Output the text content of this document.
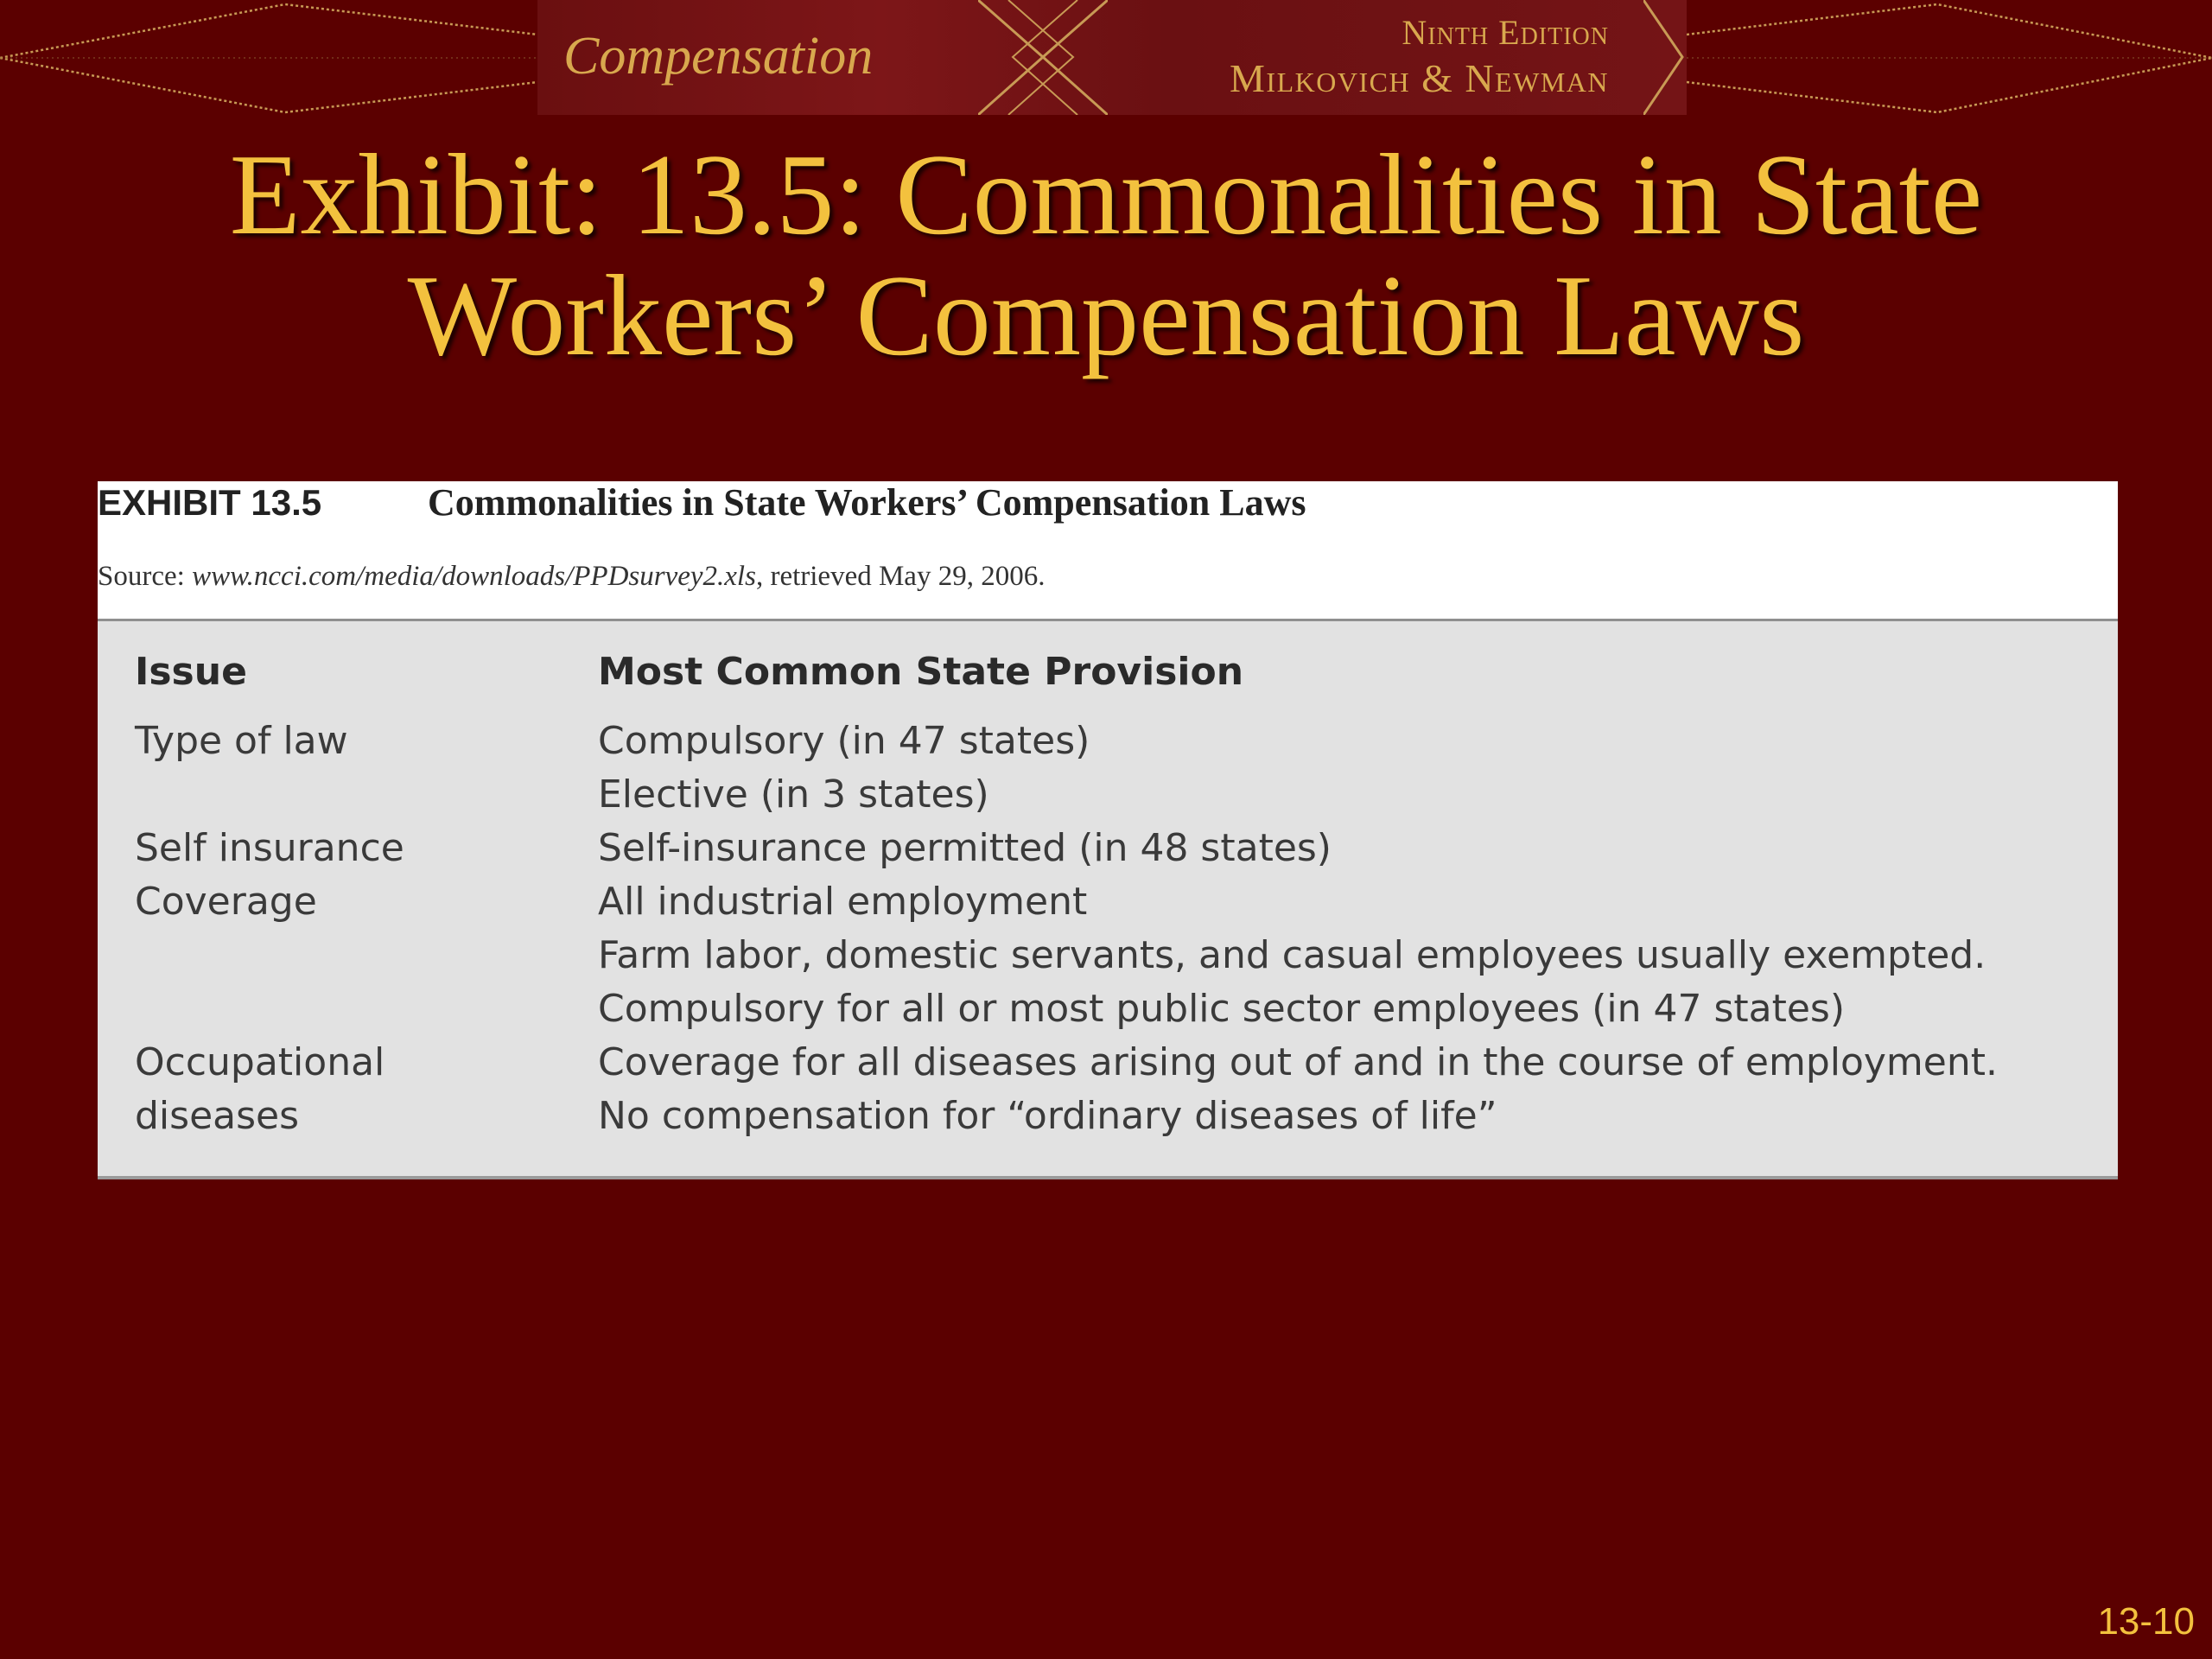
Compensation	Ninth Edition
Milkovich & Newman
Exhibit: 13.5: Commonalities in State
Workers’ Compensation Laws
EXHIBIT 13.5	Commonalities in State Workers’ Compensation Laws
Source: www.ncci.com/media/downloads/PPDsurvey2.xls, retrieved May 29, 2006.
Issue	Most Common State Provision
Type of law	Compulsory (in 47 states)
Elective (in 3 states)
Self insurance	Self-insurance permitted (in 48 states)
Coverage	All industrial employment
Farm labor, domestic servants, and casual employees usually exempted.
Compulsory for all or most public sector employees (in 47 states)
Occupational	Coverage for all diseases arising out of and in the course of employment.
diseases	No compensation for “ordinary diseases of life”
13-10
